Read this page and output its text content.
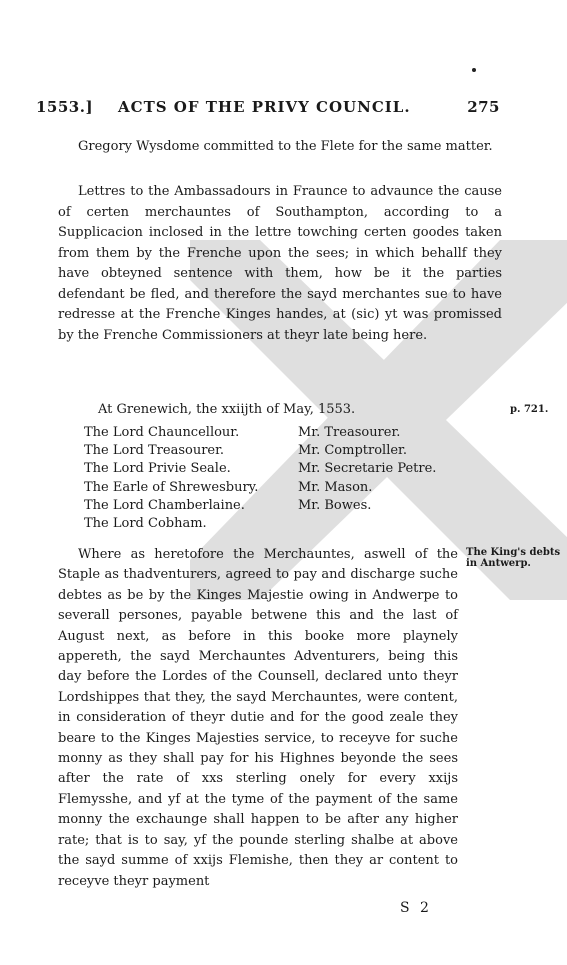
1553.] ACTS OF THE PRIVY COUNCIL.	275

Gregory Wysdome committed to the Flete for the same matter.

Lettres to the Ambassadours in Fraunce to advaunce the cause of certen merchauntes of Southampton, according to a Supplicacion inclosed in the lettre towching certen goodes taken from them by the Frenche upon the sees; in which behallf they have obteyned sentence with them, how be it the parties defendant be fled, and therefore the sayd merchantes sue to have redresse at the Frenche Kinges handes, at (sic) yt was promissed by the Frenche Commissioners at theyr late being here.

At Grenewich, the xxiijth of May, 1553.	p. 721.
The Lord Chauncellour.
The Lord Treasourer.
The Lord Privie Seale.
The Earle of Shrewesbury.
The Lord Chamberlaine.
The Lord Cobham.
Mr. Treasourer.
Mr. Comptroller.
Mr. Secretarie Petre.
Mr. Mason.
Mr. Bowes.

Where as heretofore the Merchauntes, aswell of the Staple as thadventurers, agreed to pay and discharge suche debtes as be by the Kinges Majestie owing in Andwerpe to severall persones, payable betwene this and the last of August next, as before in this booke more playnely appereth, the sayd Merchauntes Adventurers, being this day before the Lordes of the Counsell, declared unto theyr Lordshippes that they, the sayd Merchauntes, were content, in consideration of theyr dutie and for the good zeale they beare to the Kinges Majesties service, to receyve for suche monny as they shall pay for his Highnes beyonde the sees after the rate of xxs sterling onely for every xxijs Flemysshe, and yf at the tyme of the payment of the same monny the exchaunge shall happen to be after any higher rate; that is to say, yf the pounde sterling shalbe at above the sayd summe of xxijs Flemishe, then they ar content to receyve theyr payment

The King's debts in Antwerp.
S 2
